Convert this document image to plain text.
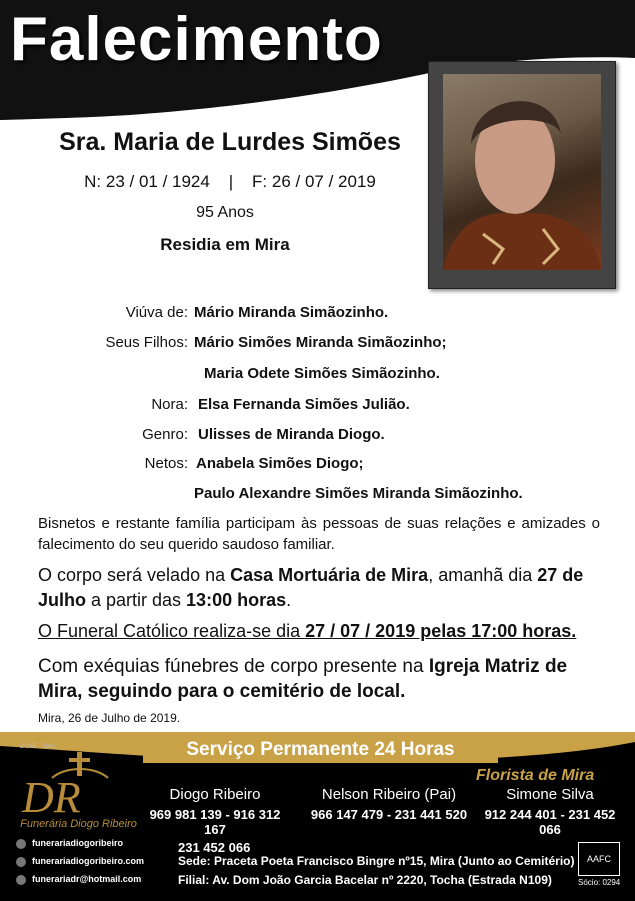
Falecimento
Sra. Maria de Lurdes Simões
N: 23 / 01 / 1924    |    F: 26 / 07 / 2019
95 Anos
Residia em Mira
Viúva de: Mário Miranda Simãozinho.
Seus Filhos: Mário Simões Miranda Simãozinho;
Maria Odete Simões Simãozinho.
Nora: Elsa Fernanda Simões Julião.
Genro: Ulisses de Miranda Diogo.
Netos: Anabela Simões Diogo;
Paulo Alexandre Simões Miranda Simãozinho.
Bisnetos e restante família participam às pessoas de suas relações e amizades o falecimento do seu querido saudoso familiar.
O corpo será velado na Casa Mortuária de Mira, amanhã dia 27 de Julho a partir das 13:00 horas.
O Funeral Católico realiza-se dia 27 / 07 / 2019 pelas 17:00 horas.
Com exéquias fúnebres de corpo presente na Igreja Matriz de Mira, seguindo para o cemitério de local.
Mira, 26 de Julho de 2019.
Serviço Permanente 24 Horas
DGAE - 2941
DR
Funerária Diogo Ribeiro
Diogo Ribeiro
969 981 139 - 916 312 167
231 452 066
Nelson Ribeiro (Pai)
966 147 479 - 231 441 520
Florista de Mira
Simone Silva
912 244 401 - 231 452 066
funerariadiogoribeiro
funerariadiogoribeiro.com
funerariadr@hotmail.com
Sede: Praceta Poeta Francisco Bingre nº15, Mira (Junto ao Cemitério)
Filial: Av. Dom João Garcia Bacelar nº 2220, Tocha (Estrada N109)
AAFC
Sócio: 0294
